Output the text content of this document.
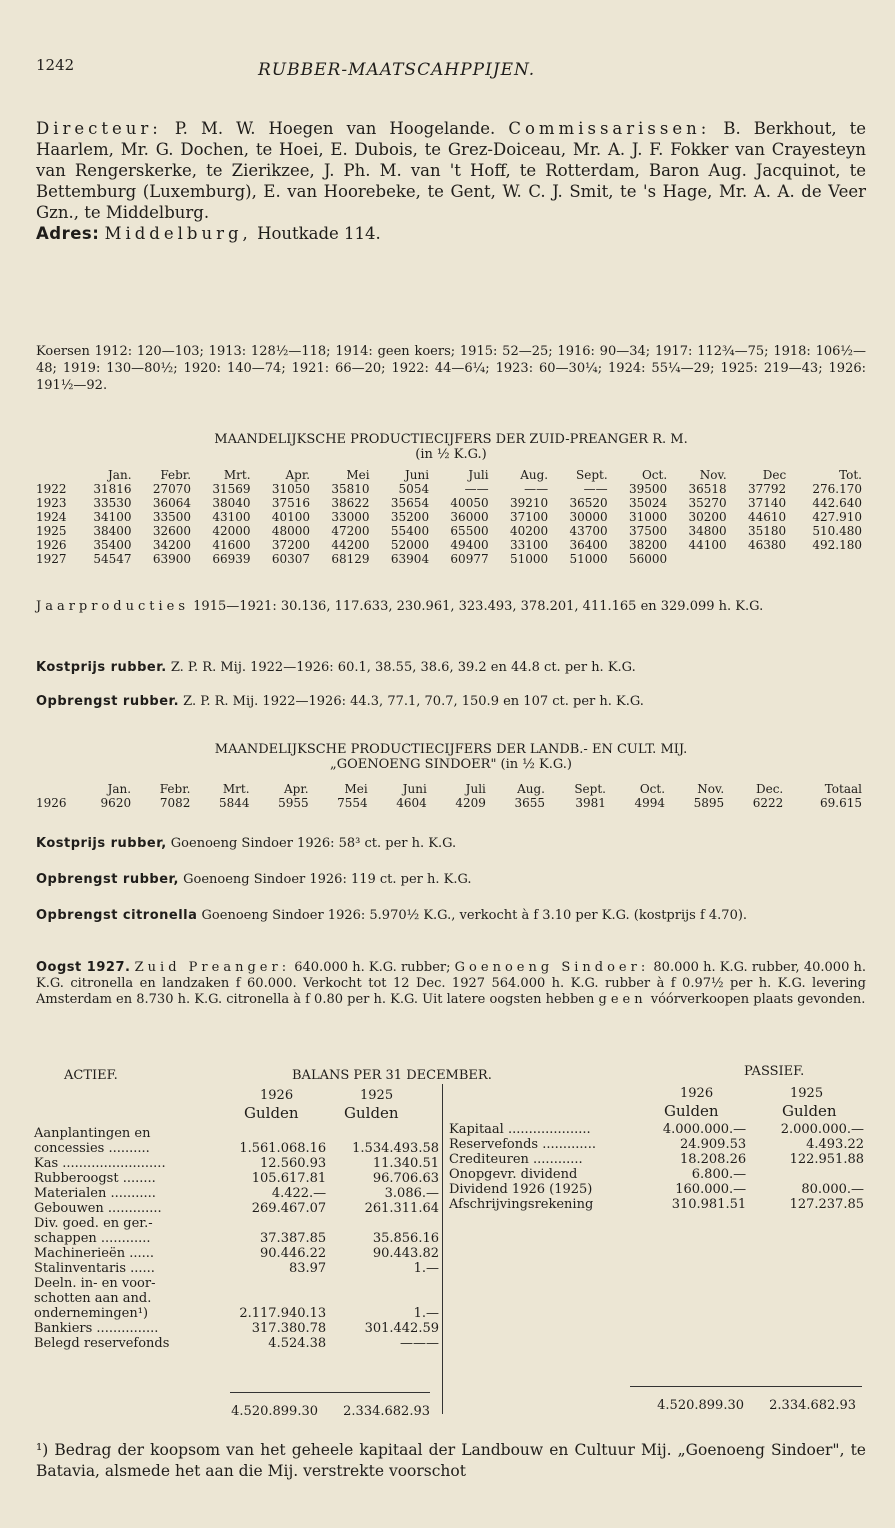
1242	RUBBER-MAATSCAHPPIJEN.
Directeur: P. M. W. Hoegen van Hoogelande. Commissarissen: B. Berkhout, te Haarlem, Mr. G. Dochen, te Hoei, E. Dubois, te Grez-Doiceau, Mr. A. J. F. Fokker van Crayesteyn van Rengerskerke, te Zierikzee, J. Ph. M. van 't Hoff, te Rotterdam, Baron Aug. Jacquinot, te Bettemburg (Luxemburg), E. van Hoorebeke, te Gent, W. C. J. Smit, te 's Hage, Mr. A. A. de Veer Gzn., te Middelburg.
Adres: Middelburg, Houtkade 114.
Koersen 1912: 120—103; 1913: 128½—118; 1914: geen koers; 1915: 52—25; 1916: 90—34; 1917: 112¾—75; 1918: 106½—48; 1919: 130—80½; 1920: 140—74; 1921: 66—20; 1922: 44—6¼; 1923: 60—30¼; 1924: 55¼—29; 1925: 219—43; 1926: 191½—92.
MAANDELIJKSCHE PRODUCTIECIJFERS DER ZUID-PREANGER R. M.
(in ½ K.G.)
	Jan.	Febr.	Mrt.	Apr.	Mei	Juni	Juli	Aug.	Sept.	Oct.	Nov.	Dec	Tot.
1922	31816	27070	31569	31050	35810	5054	——	——	——	39500	36518	37792	276.170
1923	33530	36064	38040	37516	38622	35654	40050	39210	36520	35024	35270	37140	442.640
1924	34100	33500	43100	40100	33000	35200	36000	37100	30000	31000	30200	44610	427.910
1925	38400	32600	42000	48000	47200	55400	65500	40200	43700	37500	34800	35180	510.480
1926	35400	34200	41600	37200	44200	52000	49400	33100	36400	38200	44100	46380	492.180
1927	54547	63900	66939	60307	68129	63904	60977	51000	51000	56000			
Jaarproducties 1915—1921: 30.136, 117.633, 230.961, 323.493, 378.201, 411.165 en 329.099 h. K.G.
Kostprijs rubber. Z. P. R. Mij. 1922—1926: 60.1, 38.55, 38.6, 39.2 en 44.8 ct. per h. K.G.
Opbrengst rubber. Z. P. R. Mij. 1922—1926: 44.3, 77.1, 70.7, 150.9 en 107 ct. per h. K.G.
MAANDELIJKSCHE PRODUCTIECIJFERS DER LANDB.- EN CULT. MIJ.
„GOENOENG SINDOER" (in ½ K.G.)
	Jan.	Febr.	Mrt.	Apr.	Mei	Juni	Juli	Aug.	Sept.	Oct.	Nov.	Dec.	Totaal
1926	9620	7082	5844	5955	7554	4604	4209	3655	3981	4994	5895	6222	69.615
Kostprijs rubber, Goenoeng Sindoer 1926: 58³ ct. per h. K.G.
Opbrengst rubber, Goenoeng Sindoer 1926: 119 ct. per h. K.G.
Opbrengst citronella Goenoeng Sindoer 1926: 5.970½ K.G., verkocht à f 3.10 per K.G. (kostprijs f 4.70).
Oogst 1927. Zuid Preanger: 640.000 h. K.G. rubber; Goenoeng Sindoer: 80.000 h. K.G. rubber, 40.000 h. K.G. citronella en landzaken f 60.000. Verkocht tot 12 Dec. 1927 564.000 h. K.G. rubber à f 0.97½ per h. K.G. levering Amsterdam en 8.730 h. K.G. citronella à f 0.80 per h. K.G. Uit latere oogsten hebben geen vóórverkoopen plaats gevonden.
ACTIEF.	BALANS PER 31 DECEMBER.	PASSIEF.
1926	1925
Gulden	Gulden
1926	1925
Gulden	Gulden
Aanplantingen en		
concessies ..........	1.561.068.16	1.534.493.58
Kas .........................	12.560.93	11.340.51
Rubberoogst ........	105.617.81	96.706.63
Materialen ...........	4.422.—	3.086.—
Gebouwen .............	269.467.07	261.311.64
Div. goed. en ger.-		
schappen ............	37.387.85	35.856.16
Machinerieën ......	90.446.22	90.443.82
Stalinventaris ......	83.97	1.—
Deeln. in- en voor-		
schotten aan and.		
ondernemingen¹)	2.117.940.13	1.—
Bankiers ...............	317.380.78	301.442.59
Belegd reservefonds	4.524.38	———
Kapitaal ....................	4.000.000.—	2.000.000.—
Reservefonds .............	24.909.53	4.493.22
Crediteuren ............	18.208.26	122.951.88
Onopgevr. dividend	6.800.—	
Dividend 1926 (1925)	160.000.—	80.000.—
Afschrijvingsrekening	310.981.51	127.237.85
4.520.899.30	2.334.682.93	4.520.899.30	2.334.682.93
¹) Bedrag der koopsom van het geheele kapitaal der Landbouw en Cultuur Mij. „Goenoeng Sindoer", te Batavia, alsmede het aan die Mij. verstrekte voorschot
